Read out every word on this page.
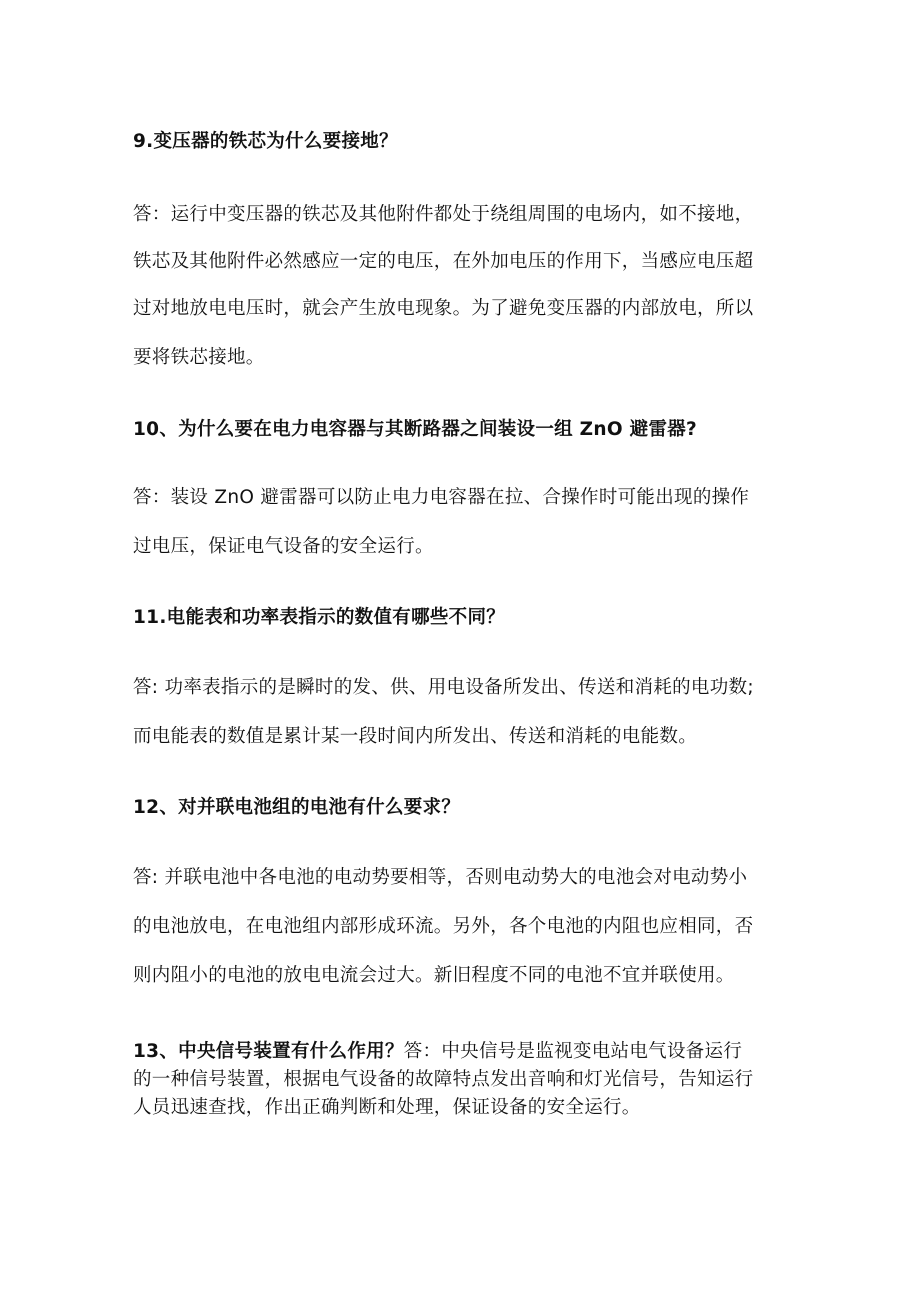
9.变压器的铁芯为什么要接地？
答：运行中变压器的铁芯及其他附件都处于绕组周围的电场内，如不接地，
铁芯及其他附件必然感应一定的电压，在外加电压的作用下，当感应电压超
过对地放电电压时，就会产生放电现象。为了避免变压器的内部放电，所以
要将铁芯接地。
10、为什么要在电力电容器与其断路器之间装设一组 ZnO 避雷器?
答：装设 ZnO 避雷器可以防止电力电容器在拉、合操作时可能出现的操作
过电压，保证电气设备的安全运行。
11.电能表和功率表指示的数值有哪些不同？
答: 功率表指示的是瞬时的发、供、用电设备所发出、传送和消耗的电功数;
而电能表的数值是累计某一段时间内所发出、传送和消耗的电能数。
12、对并联电池组的电池有什么要求？
答: 并联电池中各电池的电动势要相等，否则电动势大的电池会对电动势小
的电池放电，在电池组内部形成环流。另外，各个电池的内阻也应相同，否
则内阻小的电池的放电电流会过大。新旧程度不同的电池不宜并联使用。
13、中央信号装置有什么作用？答：中央信号是监视变电站电气设备运行
的一种信号装置，根据电气设备的故障特点发出音响和灯光信号，告知运行
人员迅速查找，作出正确判断和处理，保证设备的安全运行。
